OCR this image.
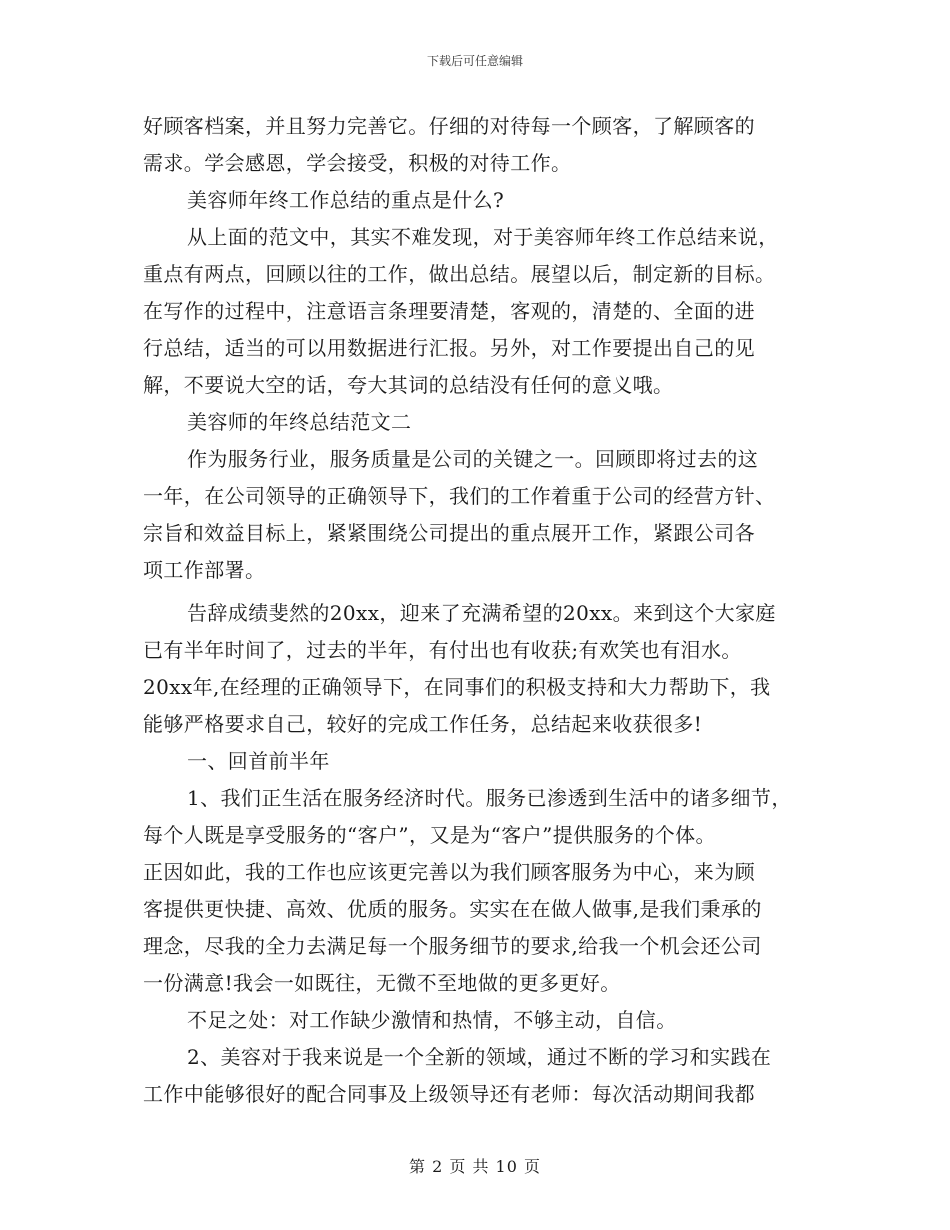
下载后可任意编辑
好顾客档案，并且努力完善它。仔细的对待每一个顾客，了解顾客的
需求。学会感恩，学会接受，积极的对待工作。
美容师年终工作总结的重点是什么?
从上面的范文中，其实不难发现，对于美容师年终工作总结来说，
重点有两点，回顾以往的工作，做出总结。展望以后，制定新的目标。
在写作的过程中，注意语言条理要清楚，客观的，清楚的、全面的进
行总结，适当的可以用数据进行汇报。另外，对工作要提出自己的见
解，不要说大空的话，夸大其词的总结没有任何的意义哦。
美容师的年终总结范文二
作为服务行业，服务质量是公司的关键之一。回顾即将过去的这
一年，在公司领导的正确领导下，我们的工作着重于公司的经营方针、
宗旨和效益目标上，紧紧围绕公司提出的重点展开工作，紧跟公司各
项工作部署。
告辞成绩斐然的20xx，迎来了充满希望的20xx。来到这个大家庭
已有半年时间了，过去的半年，有付出也有收获;有欢笑也有泪水。
20xx年,在经理的正确领导下，在同事们的积极支持和大力帮助下，我
能够严格要求自己，较好的完成工作任务，总结起来收获很多!
一、回首前半年
1、我们正生活在服务经济时代。服务已渗透到生活中的诸多细节，
每个人既是享受服务的“客户”，又是为“客户”提供服务的个体。
正因如此，我的工作也应该更完善以为我们顾客服务为中心，来为顾
客提供更快捷、高效、优质的服务。实实在在做人做事,是我们秉承的
理念，尽我的全力去满足每一个服务细节的要求,给我一个机会还公司
一份满意!我会一如既往，无微不至地做的更多更好。
不足之处：对工作缺少激情和热情，不够主动，自信。
2、美容对于我来说是一个全新的领域，通过不断的学习和实践在
工作中能够很好的配合同事及上级领导还有老师：每次活动期间我都
第 2 页 共 10 页
